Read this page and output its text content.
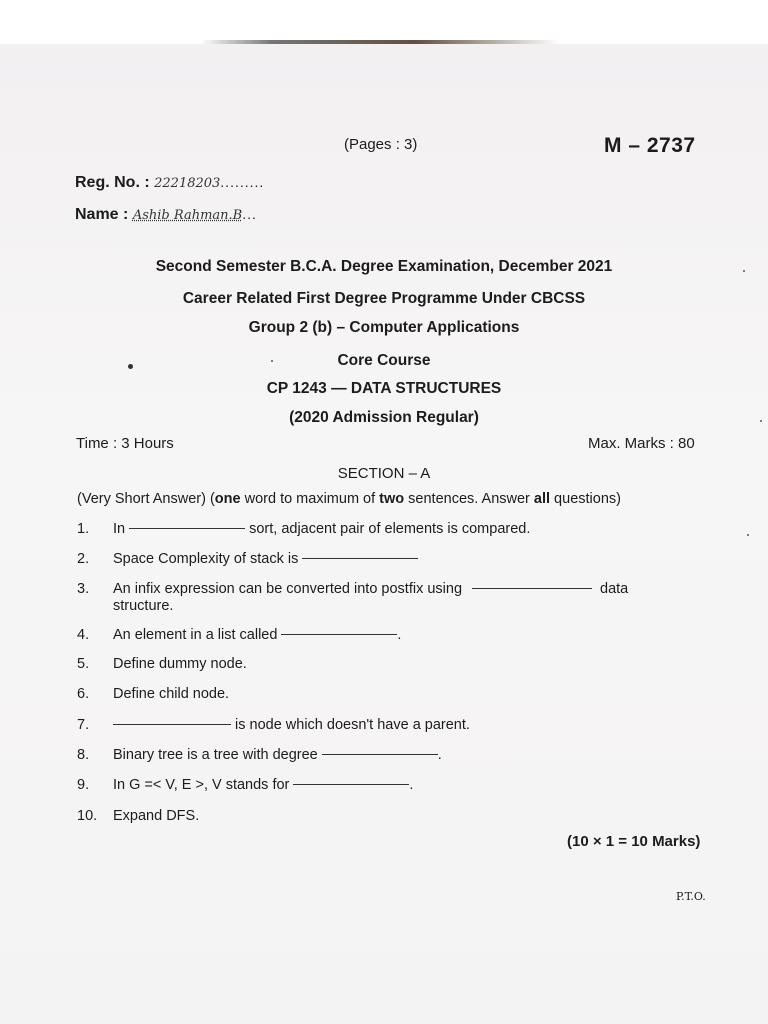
(Pages : 3)	M – 2737
Reg. No. : 22218203.........
Name : Ashib Rahman.B...
Second Semester B.C.A. Degree Examination, December 2021
Career Related First Degree Programme Under CBCSS
Group 2 (b) – Computer Applications
Core Course
CP 1243 — DATA STRUCTURES
(2020 Admission Regular)
Time : 3 Hours	Max. Marks : 80
SECTION – A
(Very Short Answer) (one word to maximum of two sentences. Answer all questions)
1. In	sort, adjacent pair of elements is compared.
2. Space Complexity of stack is
3. An infix expression can be converted into postfix using	data
structure.
4. An element in a list called	.
5. Define dummy node.
6. Define child node.
7.	is node which doesn't have a parent.
8. Binary tree is a tree with degree	.
9. In G =< V, E >, V stands for	.
10. Expand DFS.
(10 × 1 = 10 Marks)
P.T.O.
